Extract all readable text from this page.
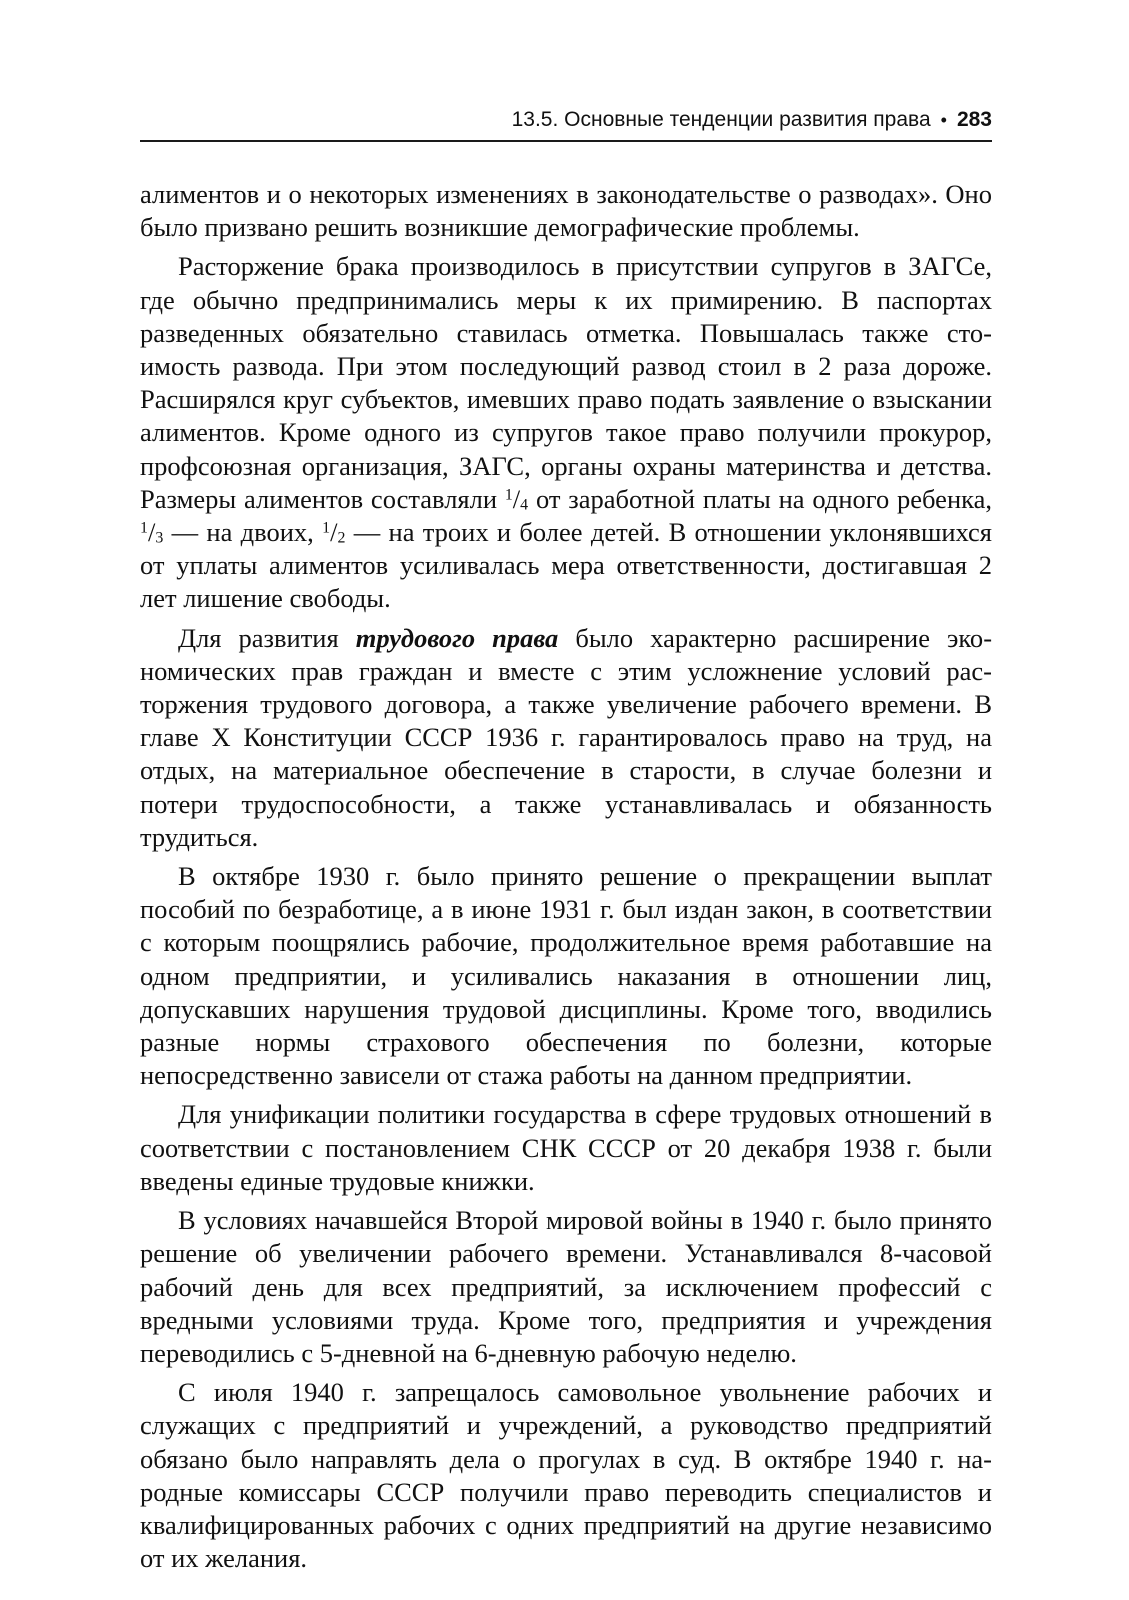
13.5. Основные тенденции развития права • 283

алиментов и о некоторых изменениях в законодательстве о разводах». Оно было призвано решить возникшие демографические проблемы.

Расторжение брака производилось в присутствии супругов в ЗАГСе, где обычно предпринимались меры к их примирению. В паспортах разведенных обязательно ставилась отметка. Повышалась также стоимость развода. При этом последующий развод стоил в 2 раза дороже. Расширялся круг субъектов, имевших право подать заявление о взыскании алиментов. Кроме одного из супругов такое право получили прокурор, профсоюзная организация, ЗАГС, органы охраны материнства и детства. Размеры алиментов составляли $^1/_4$ от заработной платы на одного ребенка, $^1/_3$ — на двоих, $^1/_2$ — на троих и более детей. В отношении уклонявшихся от уплаты алиментов усиливалась мера ответственности, достигавшая 2 лет лишение свободы.

Для развития трудового права было характерно расширение экономических прав граждан и вместе с этим усложнение условий расторжения трудового договора, а также увеличение рабочего времени. В главе X Конституции СССР 1936 г. гарантировалось право на труд, на отдых, на материальное обеспечение в старости, в случае болезни и потери трудоспособности, а также устанавливалась и обязанность трудиться.

В октябре 1930 г. было принято решение о прекращении выплат пособий по безработице, а в июне 1931 г. был издан закон, в соответствии с которым поощрялись рабочие, продолжительное время работавшие на одном предприятии, и усиливались наказания в отношении лиц, допускавших нарушения трудовой дисциплины. Кроме того, вводились разные нормы страхового обеспечения по болезни, которые непосредственно зависели от стажа работы на данном предприятии.

Для унификации политики государства в сфере трудовых отношений в соответствии с постановлением СНК СССР от 20 декабря 1938 г. были введены единые трудовые книжки.

В условиях начавшейся Второй мировой войны в 1940 г. было принято решение об увеличении рабочего времени. Устанавливался 8-часовой рабочий день для всех предприятий, за исключением профессий с вредными условиями труда. Кроме того, предприятия и учреждения переводились с 5-дневной на 6-дневную рабочую неделю.

С июля 1940 г. запрещалось самовольное увольнение рабочих и служащих с предприятий и учреждений, а руководство предприятий обязано было направлять дела о прогулах в суд. В октябре 1940 г. народные комиссары СССР получили право переводить специалистов и квалифицированных рабочих с одних предприятий на другие независимо от их желания.
